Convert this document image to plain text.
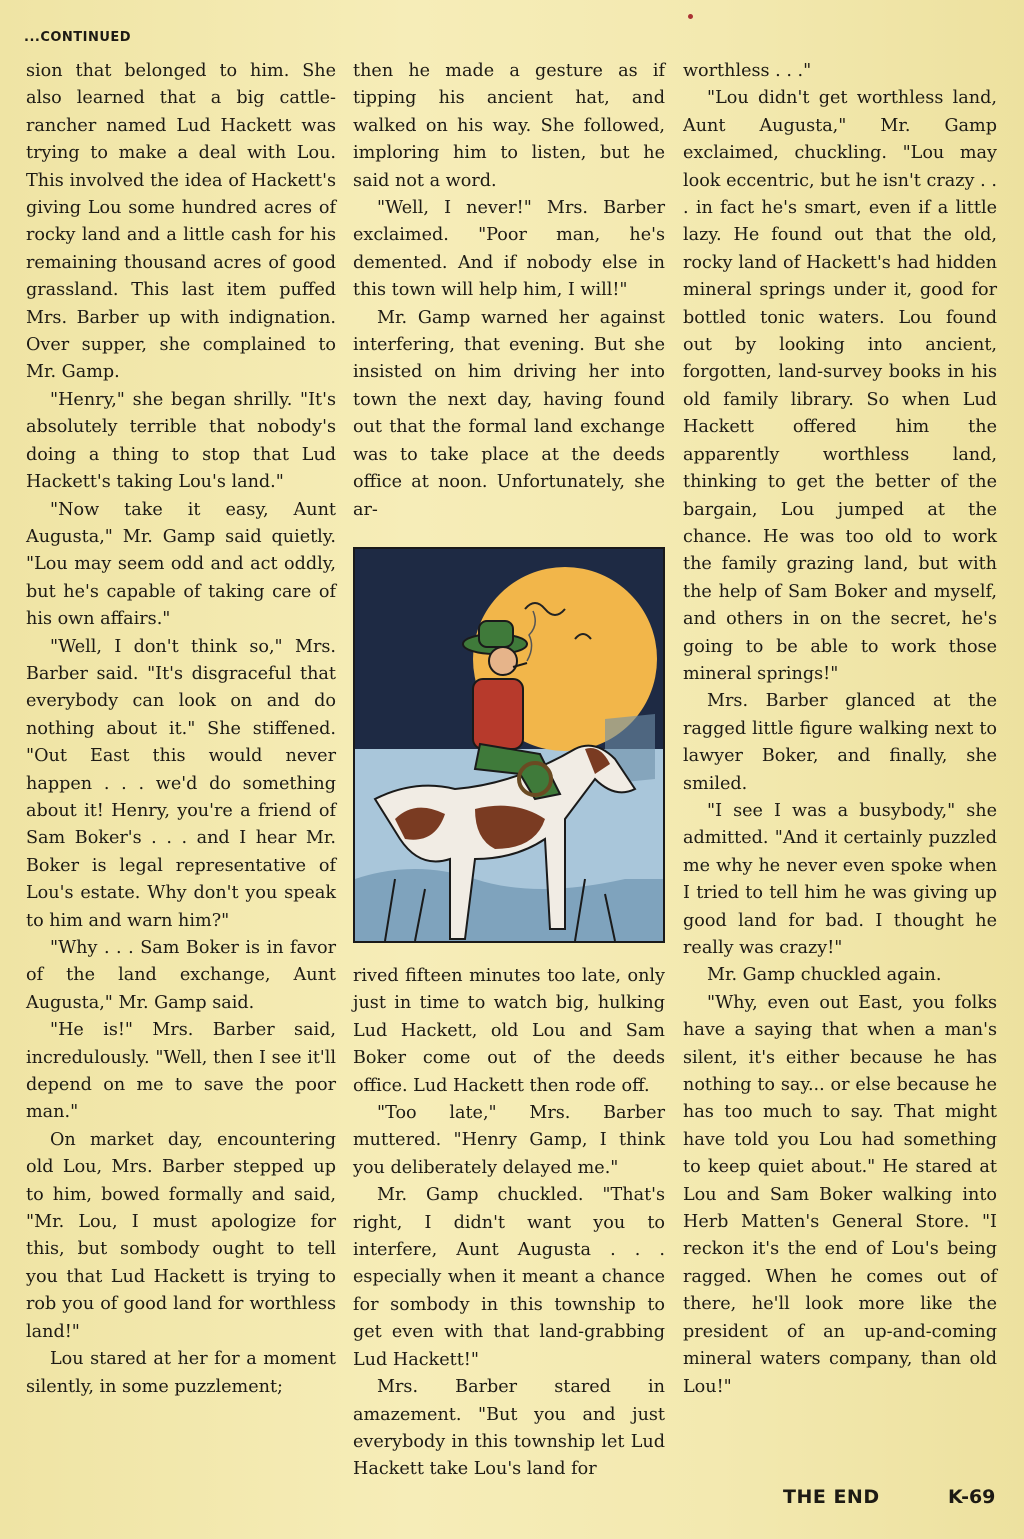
...CONTINUED

sion that belonged to him. She also learned that a big cattle-rancher named Lud Hackett was trying to make a deal with Lou. This involved the idea of Hackett's giving Lou some hundred acres of rocky land and a little cash for his remaining thousand acres of good grassland. This last item puffed Mrs. Barber up with indignation. Over supper, she complained to Mr. Gamp.

"Henry," she began shrilly. "It's absolutely terrible that nobody's doing a thing to stop that Lud Hackett's taking Lou's land."

"Now take it easy, Aunt Augusta," Mr. Gamp said quietly. "Lou may seem odd and act oddly, but he's capable of taking care of his own affairs."

"Well, I don't think so," Mrs. Barber said. "It's disgraceful that everybody can look on and do nothing about it." She stiffened. "Out East this would never happen . . . we'd do something about it! Henry, you're a friend of Sam Boker's . . . and I hear Mr. Boker is legal representative of Lou's estate. Why don't you speak to him and warn him?"

"Why . . . Sam Boker is in favor of the land exchange, Aunt Augusta," Mr. Gamp said.

"He is!" Mrs. Barber said, incredulously. "Well, then I see it'll depend on me to save the poor man."

On market day, encountering old Lou, Mrs. Barber stepped up to him, bowed formally and said, "Mr. Lou, I must apologize for this, but sombody ought to tell you that Lud Hackett is trying to rob you of good land for worthless land!"

Lou stared at her for a moment silently, in some puzzlement;

then he made a gesture as if tipping his ancient hat, and walked on his way. She followed, imploring him to listen, but he said not a word.

"Well, I never!" Mrs. Barber exclaimed. "Poor man, he's demented. And if nobody else in this town will help him, I will!"

Mr. Gamp warned her against interfering, that evening. But she insisted on him driving her into town the next day, having found out that the formal land exchange was to take place at the deeds office at noon. Unfortunately, she ar-

rived fifteen minutes too late, only just in time to watch big, hulking Lud Hackett, old Lou and Sam Boker come out of the deeds office. Lud Hackett then rode off.

"Too late," Mrs. Barber muttered. "Henry Gamp, I think you deliberately delayed me."

Mr. Gamp chuckled. "That's right, I didn't want you to interfere, Aunt Augusta . . . especially when it meant a chance for sombody in this township to get even with that land-grabbing Lud Hackett!"

Mrs. Barber stared in amazement. "But you and just everybody in this township let Lud Hackett take Lou's land for

worthless . . ."

"Lou didn't get worthless land, Aunt Augusta," Mr. Gamp exclaimed, chuckling. "Lou may look eccentric, but he isn't crazy . . . in fact he's smart, even if a little lazy. He found out that the old, rocky land of Hackett's had hidden mineral springs under it, good for bottled tonic waters. Lou found out by looking into ancient, forgotten, land-survey books in his old family library. So when Lud Hackett offered him the apparently worthless land, thinking to get the better of the bargain, Lou jumped at the chance. He was too old to work the family grazing land, but with the help of Sam Boker and myself, and others in on the secret, he's going to be able to work those mineral springs!"

Mrs. Barber glanced at the ragged little figure walking next to lawyer Boker, and finally, she smiled.

"I see I was a busybody," she admitted. "And it certainly puzzled me why he never even spoke when I tried to tell him he was giving up good land for bad. I thought he really was crazy!"

Mr. Gamp chuckled again.

"Why, even out East, you folks have a saying that when a man's silent, it's either because he has nothing to say... or else because he has too much to say. That might have told you Lou had something to keep quiet about." He stared at Lou and Sam Boker walking into Herb Matten's General Store. "I reckon it's the end of Lou's being ragged. When he comes out of there, he'll look more like the president of an up-and-coming mineral waters company, than old Lou!"

THE END	K-69
